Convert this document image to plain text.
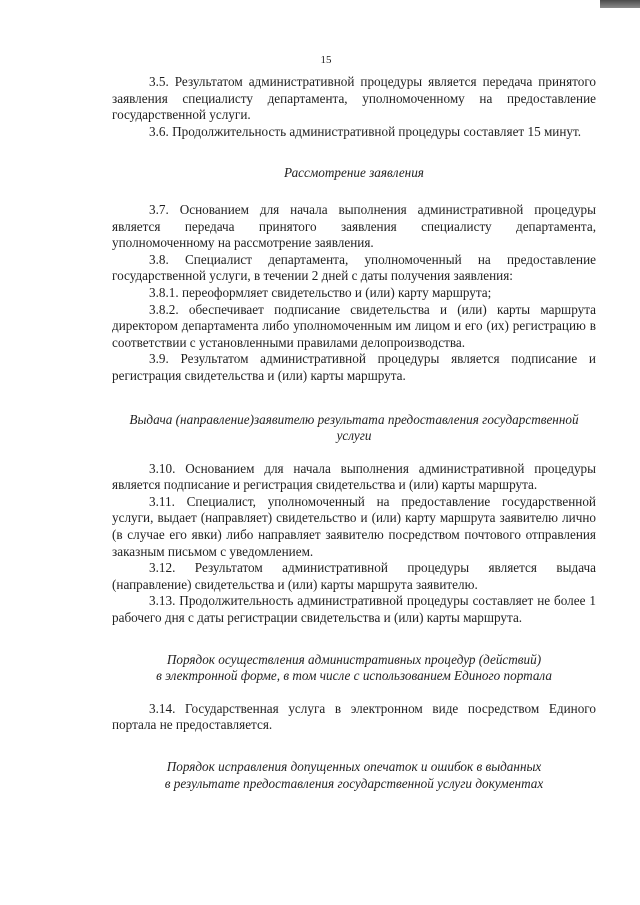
15

3.5. Результатом административной процедуры является передача принятого заявления специалисту департамента, уполномоченному на предоставление государственной услуги.

3.6. Продолжительность административной процедуры составляет 15 минут.

Рассмотрение заявления

3.7. Основанием для начала выполнения административной процедуры является передача принятого заявления специалисту департамента, уполномоченному на рассмотрение заявления.

3.8. Специалист департамента, уполномоченный на предоставление государственной услуги, в течении 2 дней с даты получения заявления:

3.8.1. переоформляет свидетельство и (или) карту маршрута;

3.8.2. обеспечивает подписание свидетельства и (или) карты маршрута директором департамента либо уполномоченным им лицом и его (их) регистрацию в соответствии с установленными правилами делопроизводства.

3.9. Результатом административной процедуры является подписание и регистрация свидетельства и (или) карты маршрута.

Выдача (направление)заявителю результата предоставления государственной услуги

3.10. Основанием для начала выполнения административной процедуры является подписание и регистрация свидетельства и (или) карты маршрута.

3.11. Специалист, уполномоченный на предоставление государственной услуги, выдает (направляет) свидетельство и (или) карту маршрута заявителю лично (в случае его явки) либо направляет заявителю посредством почтового отправления заказным письмом с уведомлением.

3.12. Результатом административной процедуры является выдача (направление) свидетельства и (или) карты маршрута заявителю.

3.13. Продолжительность административной процедуры составляет не более 1 рабочего дня с даты регистрации свидетельства и (или) карты маршрута.

Порядок осуществления административных процедур (действий)
в электронной форме, в том числе с использованием Единого портала

3.14. Государственная услуга в электронном виде посредством Единого портала не предоставляется.

Порядок исправления допущенных опечаток и ошибок в выданных
в результате предоставления государственной услуги документах
